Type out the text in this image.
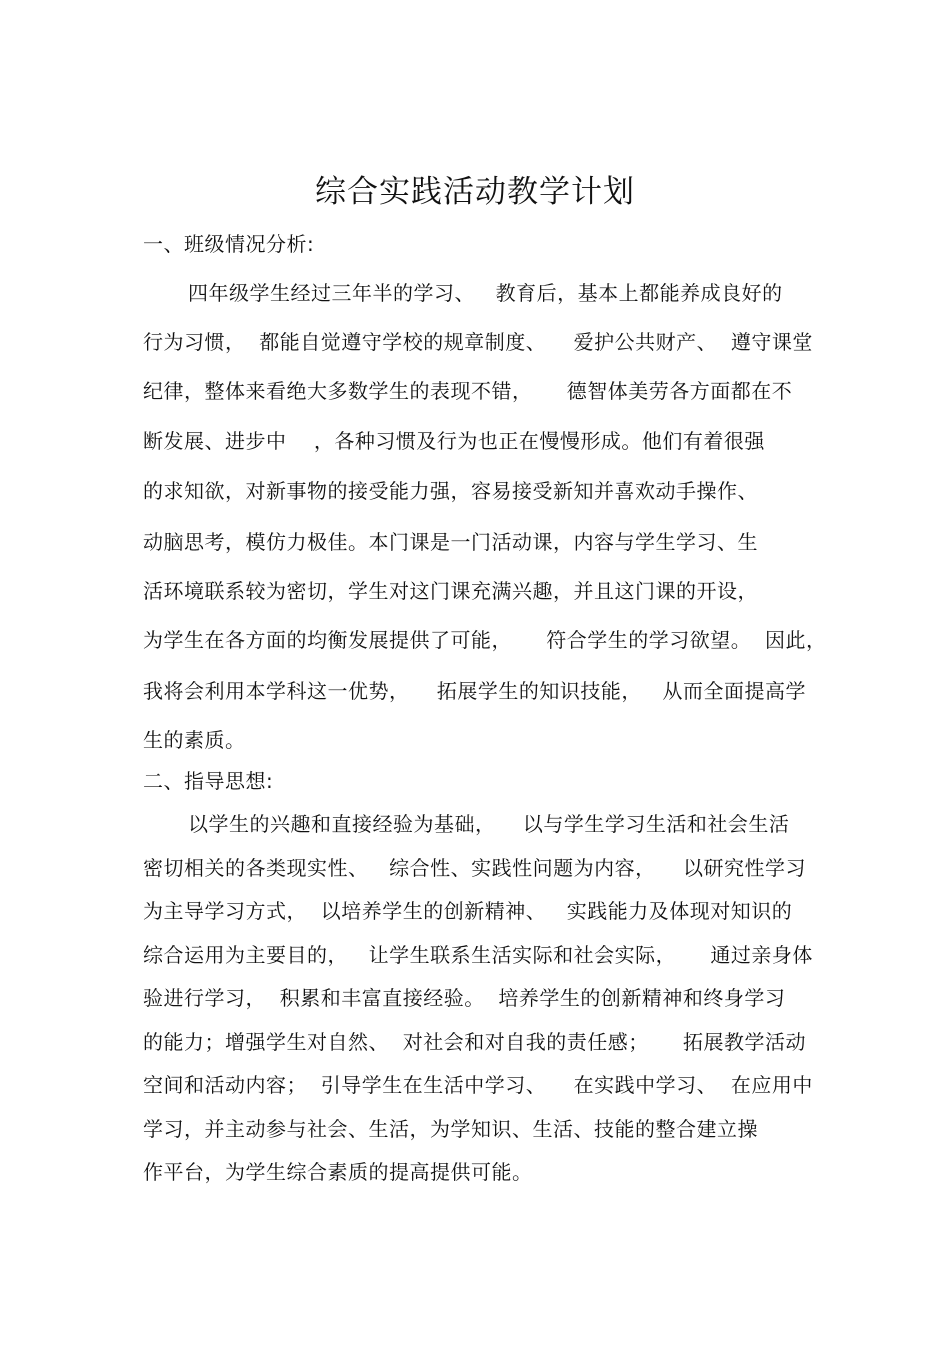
综合实践活动教学计划
一、班级情况分析:
四年级学生经过三年半的学习、   教育后，基本上都能养成良好的
行为习惯，  都能自觉遵守学校的规章制度、    爱护公共财产、  遵守课堂
纪律，整体来看绝大多数学生的表现不错，     德智体美劳各方面都在不
断发展、进步中    ，各种习惯及行为也正在慢慢形成。他们有着很强
的求知欲，对新事物的接受能力强，容易接受新知并喜欢动手操作、
动脑思考，模仿力极佳。本门课是一门活动课，内容与学生学习、生
活环境联系较为密切，学生对这门课充满兴趣，并且这门课的开设，
为学生在各方面的均衡发展提供了可能，     符合学生的学习欲望。  因此，
我将会利用本学科这一优势，    拓展学生的知识技能，   从而全面提高学
生的素质。
二、指导思想:
以学生的兴趣和直接经验为基础，    以与学生学习生活和社会生活
密切相关的各类现实性、   综合性、实践性问题为内容，    以研究性学习
为主导学习方式，  以培养学生的创新精神、   实践能力及体现对知识的
综合运用为主要目的，   让学生联系生活实际和社会实际，     通过亲身体
验进行学习，  积累和丰富直接经验。  培养学生的创新精神和终身学习
的能力；增强学生对自然、  对社会和对自我的责任感；     拓展教学活动
空间和活动内容；  引导学生在生活中学习、    在实践中学习、  在应用中
学习，并主动参与社会、生活，为学知识、生活、技能的整合建立操
作平台，为学生综合素质的提高提供可能。
